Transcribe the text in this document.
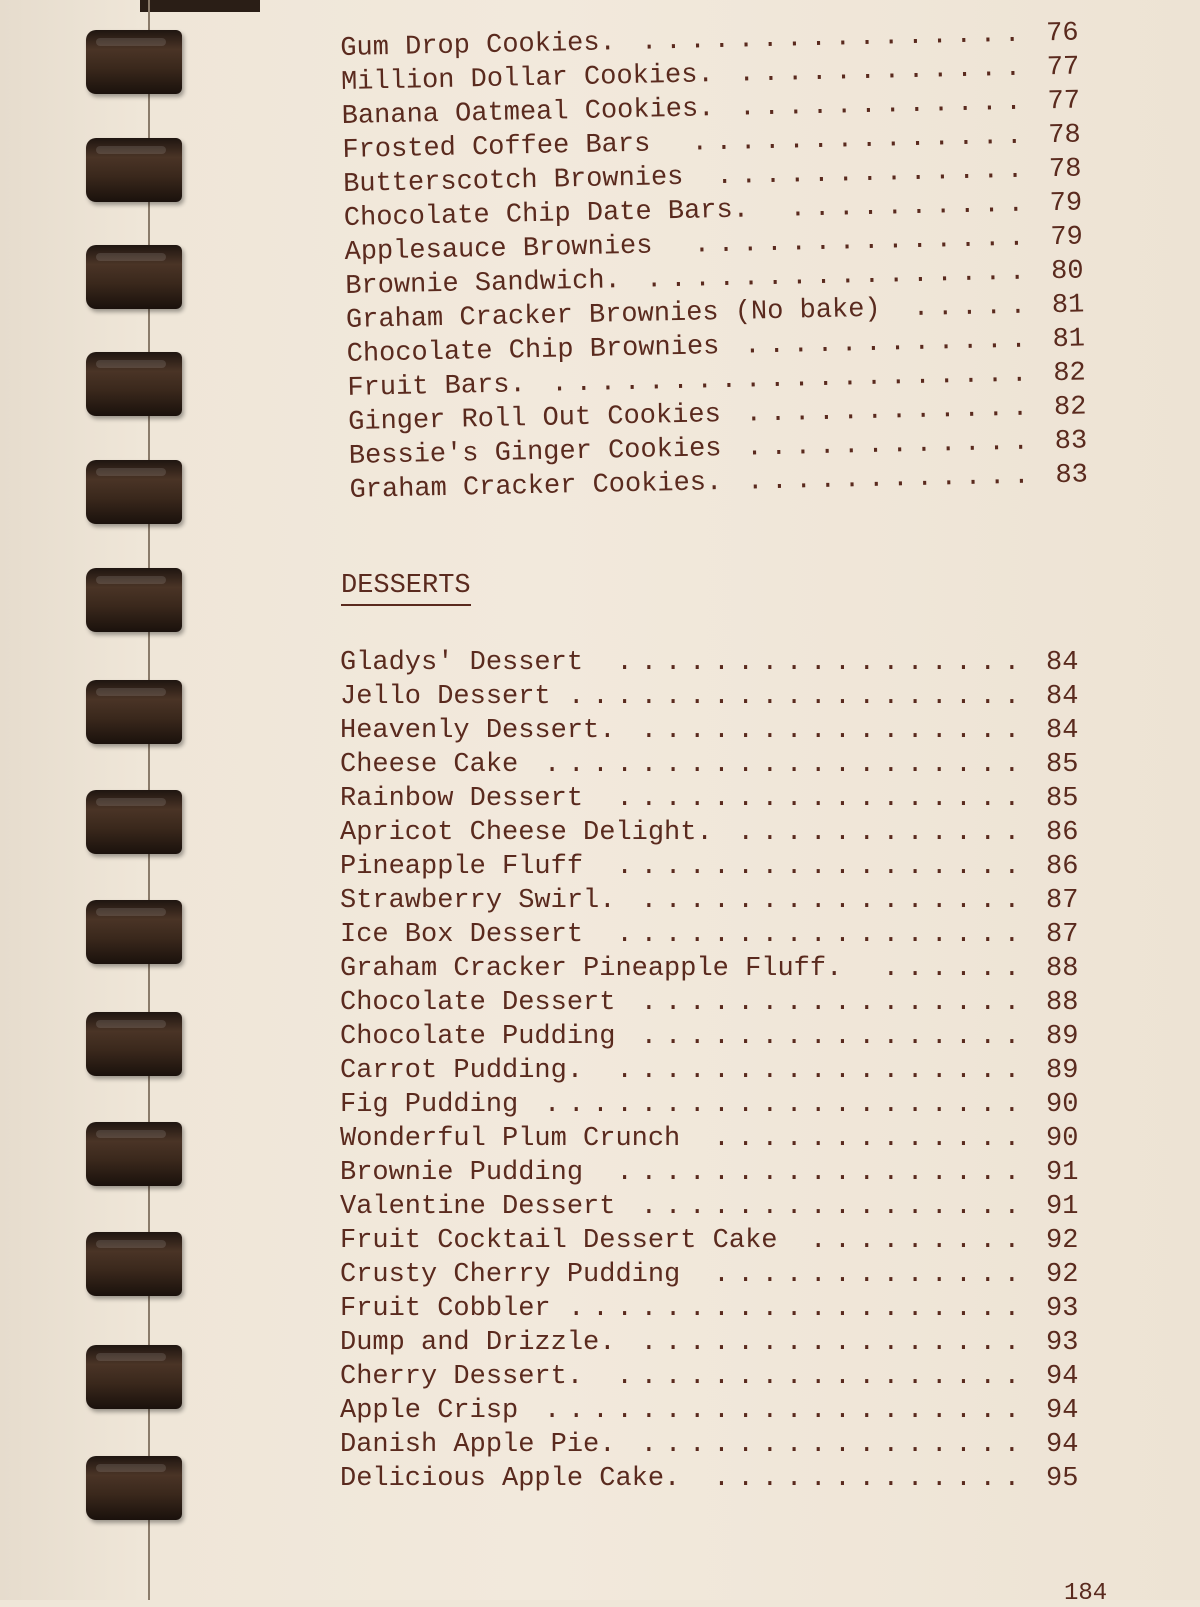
Gum Drop Cookies. ................ 76
Million Dollar Cookies. ............ 77
Banana Oatmeal Cookies. ............ 77
Frosted Coffee Bars .............. 78
Butterscotch Brownies ............. 78
Chocolate Chip Date Bars. .......... 79
Applesauce Brownies .............. 79
Brownie Sandwich. ................ 80
Graham Cracker Brownies (No bake) ..... 81
Chocolate Chip Brownies ............ 81
Fruit Bars. .................... 82
Ginger Roll Out Cookies ............ 82
Bessie's Ginger Cookies ............ 83
Graham Cracker Cookies. ............ 83
DESSERTS
Gladys' Dessert ................. 84
Jello Dessert ................... 84
Heavenly Dessert. ................ 84
Cheese Cake .................... 85
Rainbow Dessert ................. 85
Apricot Cheese Delight. ............ 86
Pineapple Fluff ................. 86
Strawberry Swirl. ................ 87
Ice Box Dessert ................. 87
Graham Cracker Pineapple Fluff. ...... 88
Chocolate Dessert ................ 88
Chocolate Pudding ................ 89
Carrot Pudding. ................. 89
Fig Pudding .................... 90
Wonderful Plum Crunch ............. 90
Brownie Pudding ................. 91
Valentine Dessert ................ 91
Fruit Cocktail Dessert Cake ......... 92
Crusty Cherry Pudding ............. 92
Fruit Cobbler ................... 93
Dump and Drizzle. ................ 93
Cherry Dessert. ................. 94
Apple Crisp .................... 94
Danish Apple Pie. ................ 94
Delicious Apple Cake. ............. 95
184
